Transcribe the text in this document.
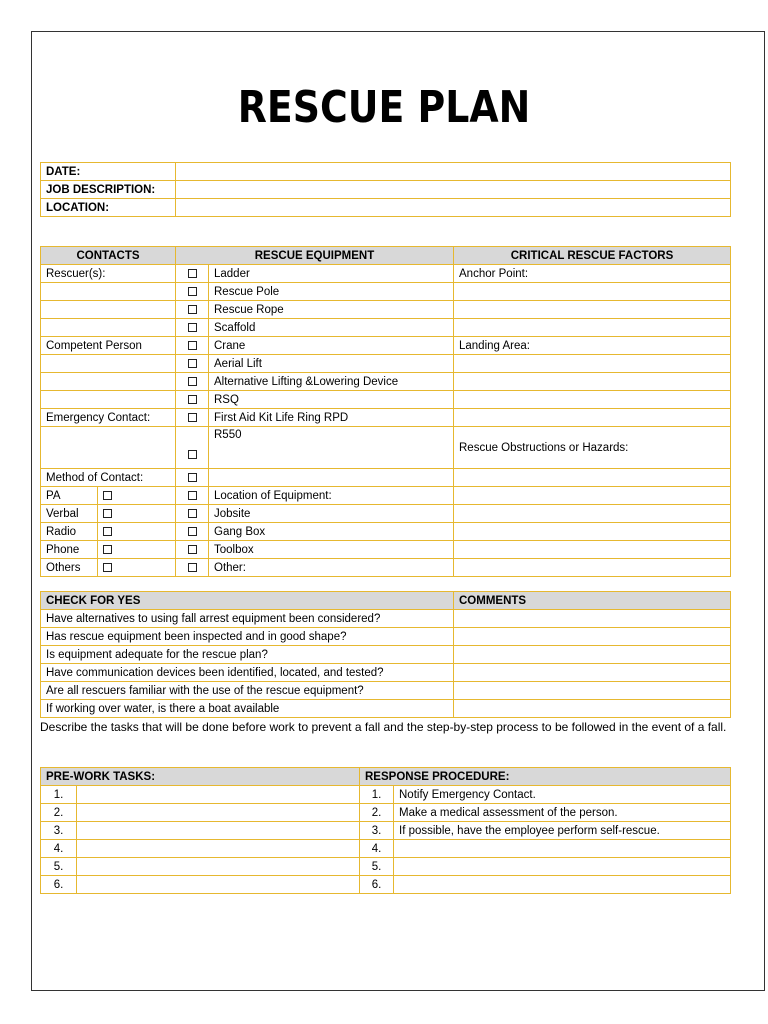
RESCUE PLAN
DATE:	
JOB DESCRIPTION:	
LOCATION:	
CONTACTS		RESCUE EQUIPMENT		CRITICAL RESCUE FACTORS
Rescuer(s):			Ladder	Anchor Point:
			Rescue Pole	
			Rescue Rope	
			Scaffold	
Competent Person			Crane	Landing Area:
			Aerial Lift	
			Alternative Lifting &Lowering Device	
			RSQ	
Emergency Contact:			First Aid Kit Life Ring RPD	
			R550	Rescue Obstructions or Hazards:

Method of Contact:				
PA			Location of Equipment:	
Verbal			Jobsite	
Radio			Gang Box	
Phone			Toolbox	
Others			Other:	
CHECK FOR YES	COMMENTS
Have alternatives to using fall arrest equipment been considered?	
Has rescue equipment been inspected and in good shape?	
Is equipment adequate for the rescue plan?	
Have communication devices been identified, located, and tested?	
Are all rescuers familiar with the use of the rescue equipment?	
If working over water, is there a boat available	
Describe the tasks that will be done before work to prevent a fall and the step-by-step process to be followed in the event of a fall.
PRE-WORK TASKS:		RESPONSE PROCEDURE:	
1.		1.	Notify Emergency Contact.
2.		2.	Make a medical assessment of the person.
3.		3.	If possible, have the employee perform self-rescue.
4.		4.	
5.		5.	
6.		6.	
